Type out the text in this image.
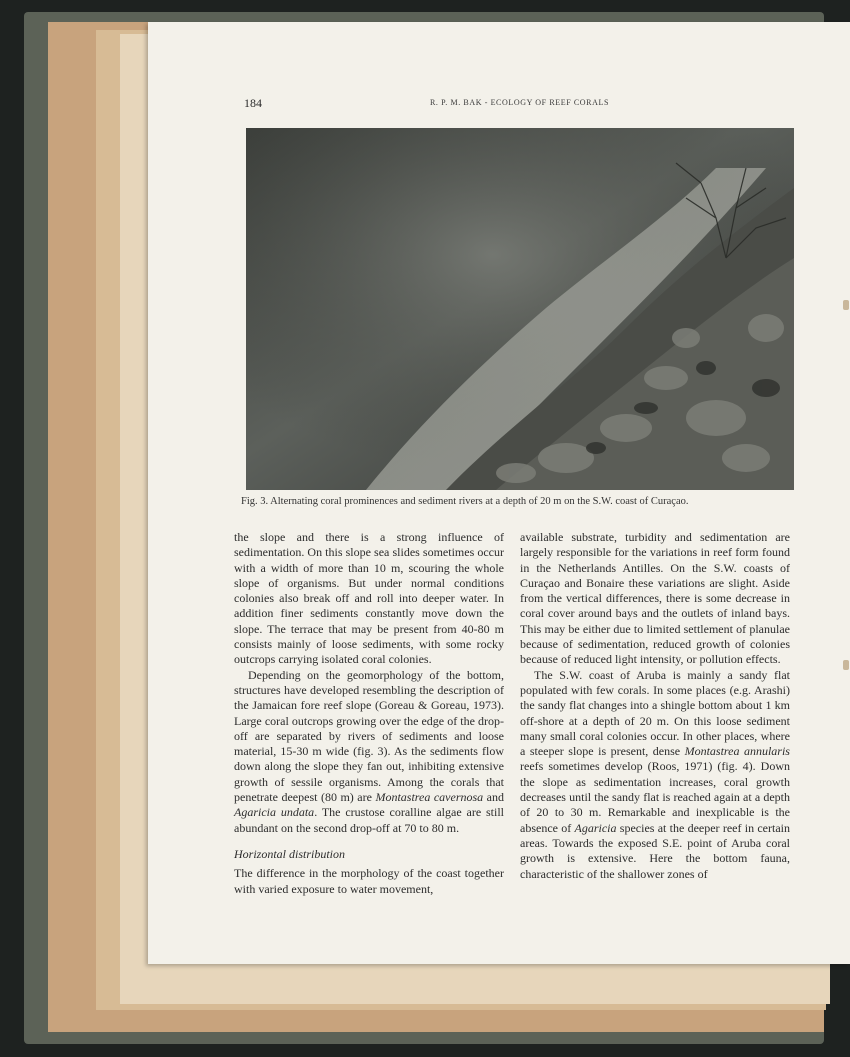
184	R. P. M. BAK - ECOLOGY OF REEF CORALS
Fig. 3. Alternating coral prominences and sediment rivers at a depth of 20 m on the S.W. coast of Curaçao.

the slope and there is a strong influence of sedimentation. On this slope sea slides sometimes occur with a width of more than 10 m, scouring the whole slope of organisms. But under normal conditions colonies also break off and roll into deeper water. In addition finer sediments constantly move down the slope. The terrace that may be present from 40-80 m consists mainly of loose sediments, with some rocky outcrops carrying isolated coral colonies.

Depending on the geomorphology of the bottom, structures have developed resembling the description of the Jamaican fore reef slope (Goreau & Goreau, 1973). Large coral outcrops growing over the edge of the drop-off are separated by rivers of sediments and loose material, 15-30 m wide (fig. 3). As the sediments flow down along the slope they fan out, inhibiting extensive growth of sessile organisms. Among the corals that penetrate deepest (80 m) are Montastrea cavernosa and Agaricia undata. The crustose coralline algae are still abundant on the second drop-off at 70 to 80 m.

Horizontal distribution

The difference in the morphology of the coast together with varied exposure to water movement,

available substrate, turbidity and sedimentation are largely responsible for the variations in reef form found in the Netherlands Antilles. On the S.W. coasts of Curaçao and Bonaire these variations are slight. Aside from the vertical differences, there is some decrease in coral cover around bays and the outlets of inland bays. This may be either due to limited settlement of planulae because of sedimentation, reduced growth of colonies because of reduced light intensity, or pollution effects.

The S.W. coast of Aruba is mainly a sandy flat populated with few corals. In some places (e.g. Arashi) the sandy flat changes into a shingle bottom about 1 km off-shore at a depth of 20 m. On this loose sediment many small coral colonies occur. In other places, where a steeper slope is present, dense Montastrea annularis reefs sometimes develop (Roos, 1971) (fig. 4). Down the slope as sedimentation increases, coral growth decreases until the sandy flat is reached again at a depth of 20 to 30 m. Remarkable and inexplicable is the absence of Agaricia species at the deeper reef in certain areas. Towards the exposed S.E. point of Aruba coral growth is extensive. Here the bottom fauna, characteristic of the shallower zones of
